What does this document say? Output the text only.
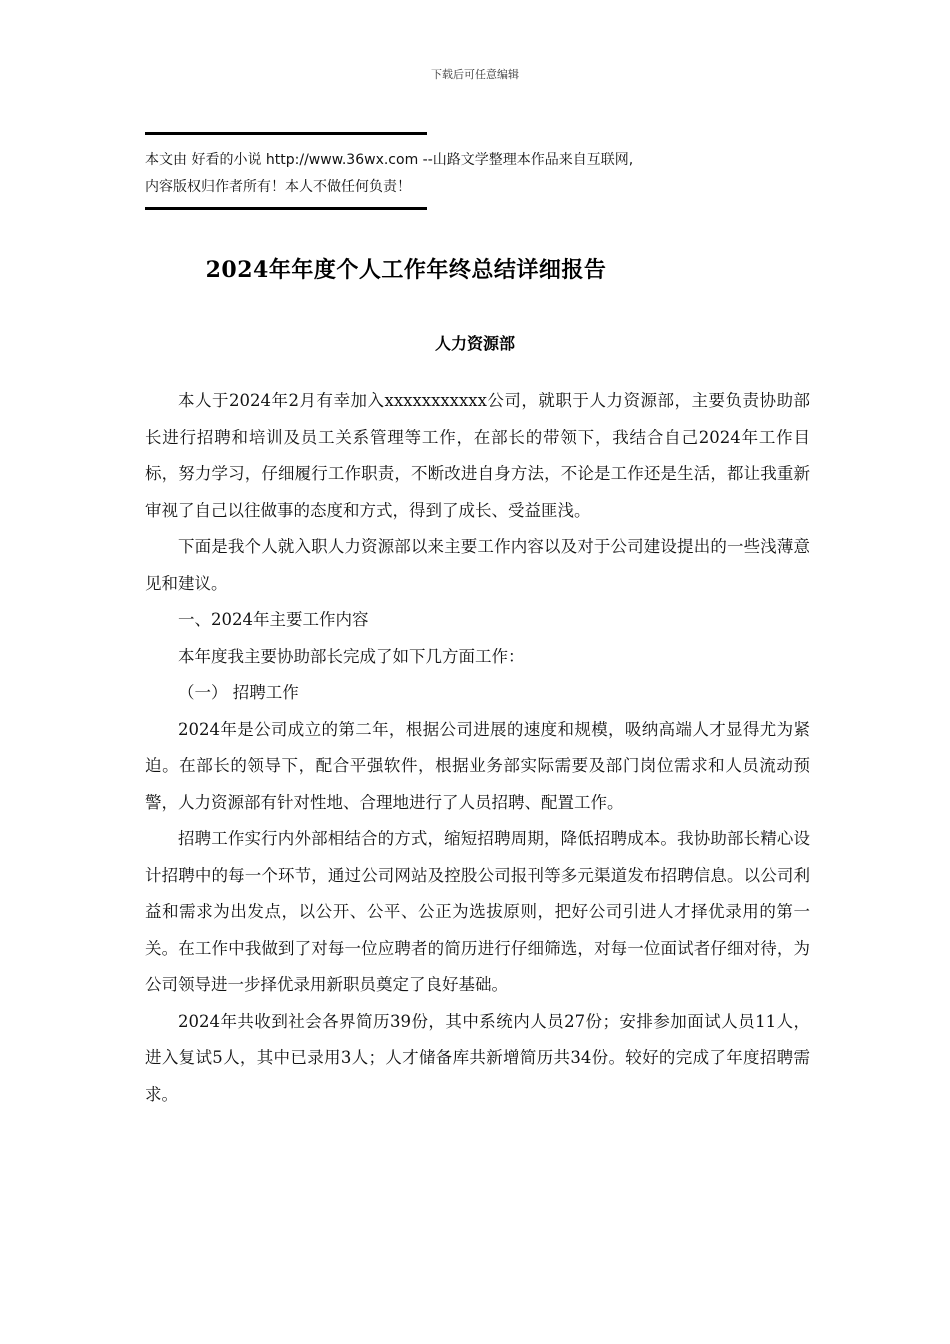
下载后可任意编辑
本文由 好看的小说 http://www.36wx.com --山路文学整理本作品来自互联网,
内容版权归作者所有！本人不做任何负责！
2024年年度个人工作年终总结详细报告
人力资源部

本人于2024年2月有幸加入xxxxxxxxxxx公司，就职于人力资源部，主要负责协助部长进行招聘和培训及员工关系管理等工作，在部长的带领下，我结合自己2024年工作目标，努力学习，仔细履行工作职责，不断改进自身方法，不论是工作还是生活，都让我重新审视了自己以往做事的态度和方式，得到了成长、受益匪浅。

下面是我个人就入职人力资源部以来主要工作内容以及对于公司建设提出的一些浅薄意见和建议。

一、2024年主要工作内容

本年度我主要协助部长完成了如下几方面工作：

（一） 招聘工作

2024年是公司成立的第二年，根据公司进展的速度和规模，吸纳高端人才显得尤为紧迫。在部长的领导下，配合平强软件，根据业务部实际需要及部门岗位需求和人员流动预警，人力资源部有针对性地、合理地进行了人员招聘、配置工作。

招聘工作实行内外部相结合的方式，缩短招聘周期，降低招聘成本。我协助部长精心设计招聘中的每一个环节，通过公司网站及控股公司报刊等多元渠道发布招聘信息。以公司利益和需求为出发点，以公开、公平、公正为选拔原则，把好公司引进人才择优录用的第一关。在工作中我做到了对每一位应聘者的简历进行仔细筛选，对每一位面试者仔细对待，为公司领导进一步择优录用新职员奠定了良好基础。

2024年共收到社会各界简历39份，其中系统内人员27份；安排参加面试人员11人，进入复试5人，其中已录用3人；人才储备库共新增简历共34份。较好的完成了年度招聘需求。
